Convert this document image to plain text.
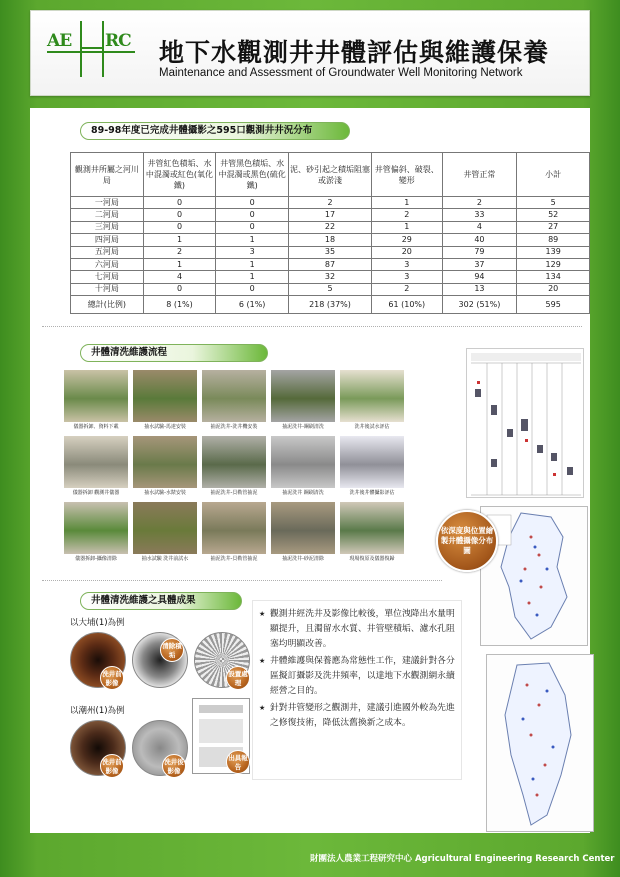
AE RC 地下水觀測井井體評估與維護保養
Maintenance and Assessment of Groundwater Well Monitoring Network
89-98年度已完成井體攝影之595口觀測井井況分布
觀測井所屬之河川局	井管紅色積垢、水中混濁或紅色(氧化鐵)	井管黑色積垢、水中混濁或黑色(硫化鐵)	泥、砂引起之積垢阻塞或淤淺	井管偏斜、破裂、變形	井管正常	小計
一河局	0	0	2	1	2	5
二河局	0	0	17	2	33	52
三河局	0	0	22	1	4	27
四河局	1	1	18	29	40	89
五河局	2	3	35	20	79	139
六河局	1	1	87	3	37	129
七河局	4	1	32	3	94	134
十河局	0	0	5	2	13	20
總計(比例)	8 (1%)	6 (1%)	218 (37%)	61 (10%)	302 (51%)	595
井體清洗維護流程
儀器拆卸、資料下載	抽水試驗-馬達安裝	抽泥洗井-洗井機安裝	抽泥洗井-鋼刷清洗	洗井後試水評估
儀器拆卸 觀測井儀器	抽水試驗-水錶安裝	抽泥洗井-貝勒管抽泥	抽泥洗井 鋼刷清洗	洗井後井體攝影評估
儀器拆卸-攝像清除	抽水試驗 洗井前試水	抽泥洗井-貝勒管抽泥	抽泥洗井-砂泥清除	現場復原及儀器復歸
井體清洗維護之具體成果
以大埔(1)為例
洗井前影像
清除積垢
設置處理
以潮州(1)為例
洗井前影像
洗井後影像
出具報告
★ 觀測井經洗井及影像比較後，單位洩降出水量明顯提升，且濁留水水質、井管壁積垢、濾水孔阻塞均明顯改善。
★ 井體維護與保養應為常態性工作，建議針對各分區擬訂攝影及洗井頻率，以達地下水觀測網永續經營之目的。
★ 針對井管變形之觀測井，建議引進國外較為先進之修復技術，降低汰舊換新之成本。
依深度與位置繪製井體攝像分布圖
財團法人農業工程研究中心 Agricultural Engineering Research Center
